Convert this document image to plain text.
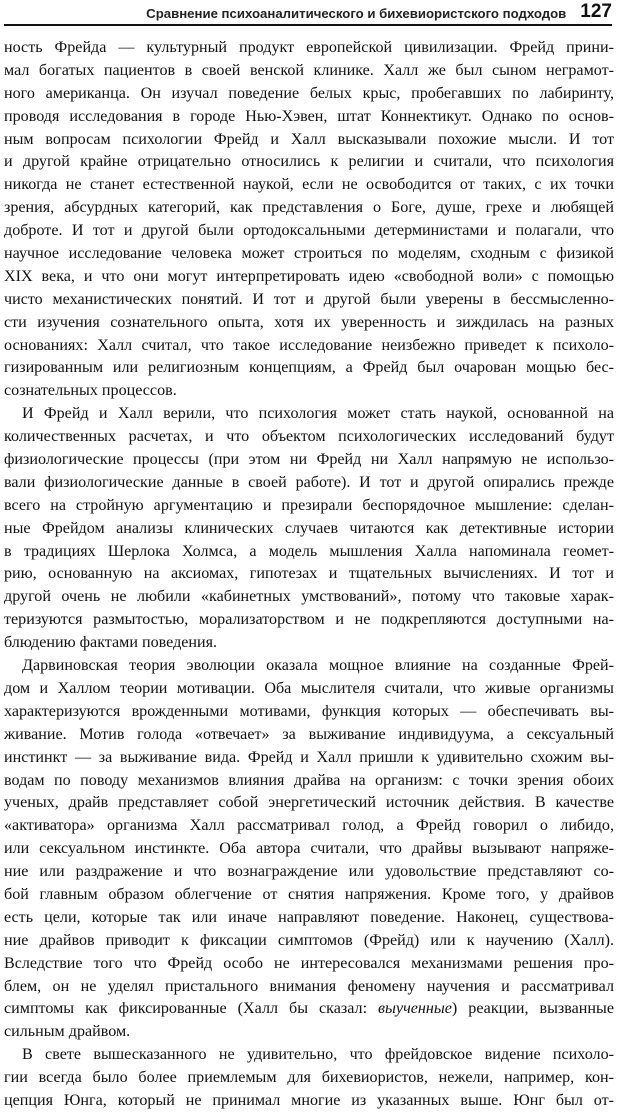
Сравнение психоаналитического и бихевиористского подходов 127
ность Фрейда — культурный продукт европейской цивилизации. Фрейд прини-
мал богатых пациентов в своей венской клинике. Халл же был сыном неграмот-
ного американца. Он изучал поведение белых крыс, пробегавших по лабиринту,
проводя исследования в городе Нью-Хэвен, штат Коннектикут. Однако по основ-
ным вопросам психологии Фрейд и Халл высказывали похожие мысли. И тот
и другой крайне отрицательно относились к религии и считали, что психология
никогда не станет естественной наукой, если не освободится от таких, с их точки
зрения, абсурдных категорий, как представления о Боге, душе, грехе и любящей
доброте. И тот и другой были ортодоксальными детерминистами и полагали, что
научное исследование человека может строиться по моделям, сходным с физикой
XIX века, и что они могут интерпретировать идею «свободной воли» с помощью
чисто механистических понятий. И тот и другой были уверены в бессмысленно-
сти изучения сознательного опыта, хотя их уверенность и зиждилась на разных
основаниях: Халл считал, что такое исследование неизбежно приведет к психоло-
гизированным или религиозным концепциям, а Фрейд был очарован мощью бес-
сознательных процессов.
И Фрейд и Халл верили, что психология может стать наукой, основанной на
количественных расчетах, и что объектом психологических исследований будут
физиологические процессы (при этом ни Фрейд ни Халл напрямую не использо-
вали физиологические данные в своей работе). И тот и другой опирались прежде
всего на стройную аргументацию и презирали беспорядочное мышление: сделан-
ные Фрейдом анализы клинических случаев читаются как детективные истории
в традициях Шерлока Холмса, а модель мышления Халла напоминала геомет-
рию, основанную на аксиомах, гипотезах и тщательных вычислениях. И тот и
другой очень не любили «кабинетных умствований», потому что таковые харак-
теризуются размытостью, морализаторством и не подкрепляются доступными на-
блюдению фактами поведения.
Дарвиновская теория эволюции оказала мощное влияние на созданные Фрей-
дом и Халлом теории мотивации. Оба мыслителя считали, что живые организмы
характеризуются врожденными мотивами, функция которых — обеспечивать вы-
живание. Мотив голода «отвечает» за выживание индивидуума, а сексуальный
инстинкт — за выживание вида. Фрейд и Халл пришли к удивительно схожим вы-
водам по поводу механизмов влияния драйва на организм: с точки зрения обоих
ученых, драйв представляет собой энергетический источник действия. В качестве
«активатора» организма Халл рассматривал голод, а Фрейд говорил о либидо,
или сексуальном инстинкте. Оба автора считали, что драйвы вызывают напряже-
ние или раздражение и что вознаграждение или удовольствие представляют со-
бой главным образом облегчение от снятия напряжения. Кроме того, у драйвов
есть цели, которые так или иначе направляют поведение. Наконец, существова-
ние драйвов приводит к фиксации симптомов (Фрейд) или к научению (Халл).
Вследствие того что Фрейд особо не интересовался механизмами решения про-
блем, он не уделял пристального внимания феномену научения и рассматривал
симптомы как фиксированные (Халл бы сказал: выученные) реакции, вызванные
сильным драйвом.
В свете вышесказанного не удивительно, что фрейдовское видение психоло-
гии всегда было более приемлемым для бихевиористов, нежели, например, кон-
цепция Юнга, который не принимал многие из указанных выше. Юнг был от-
